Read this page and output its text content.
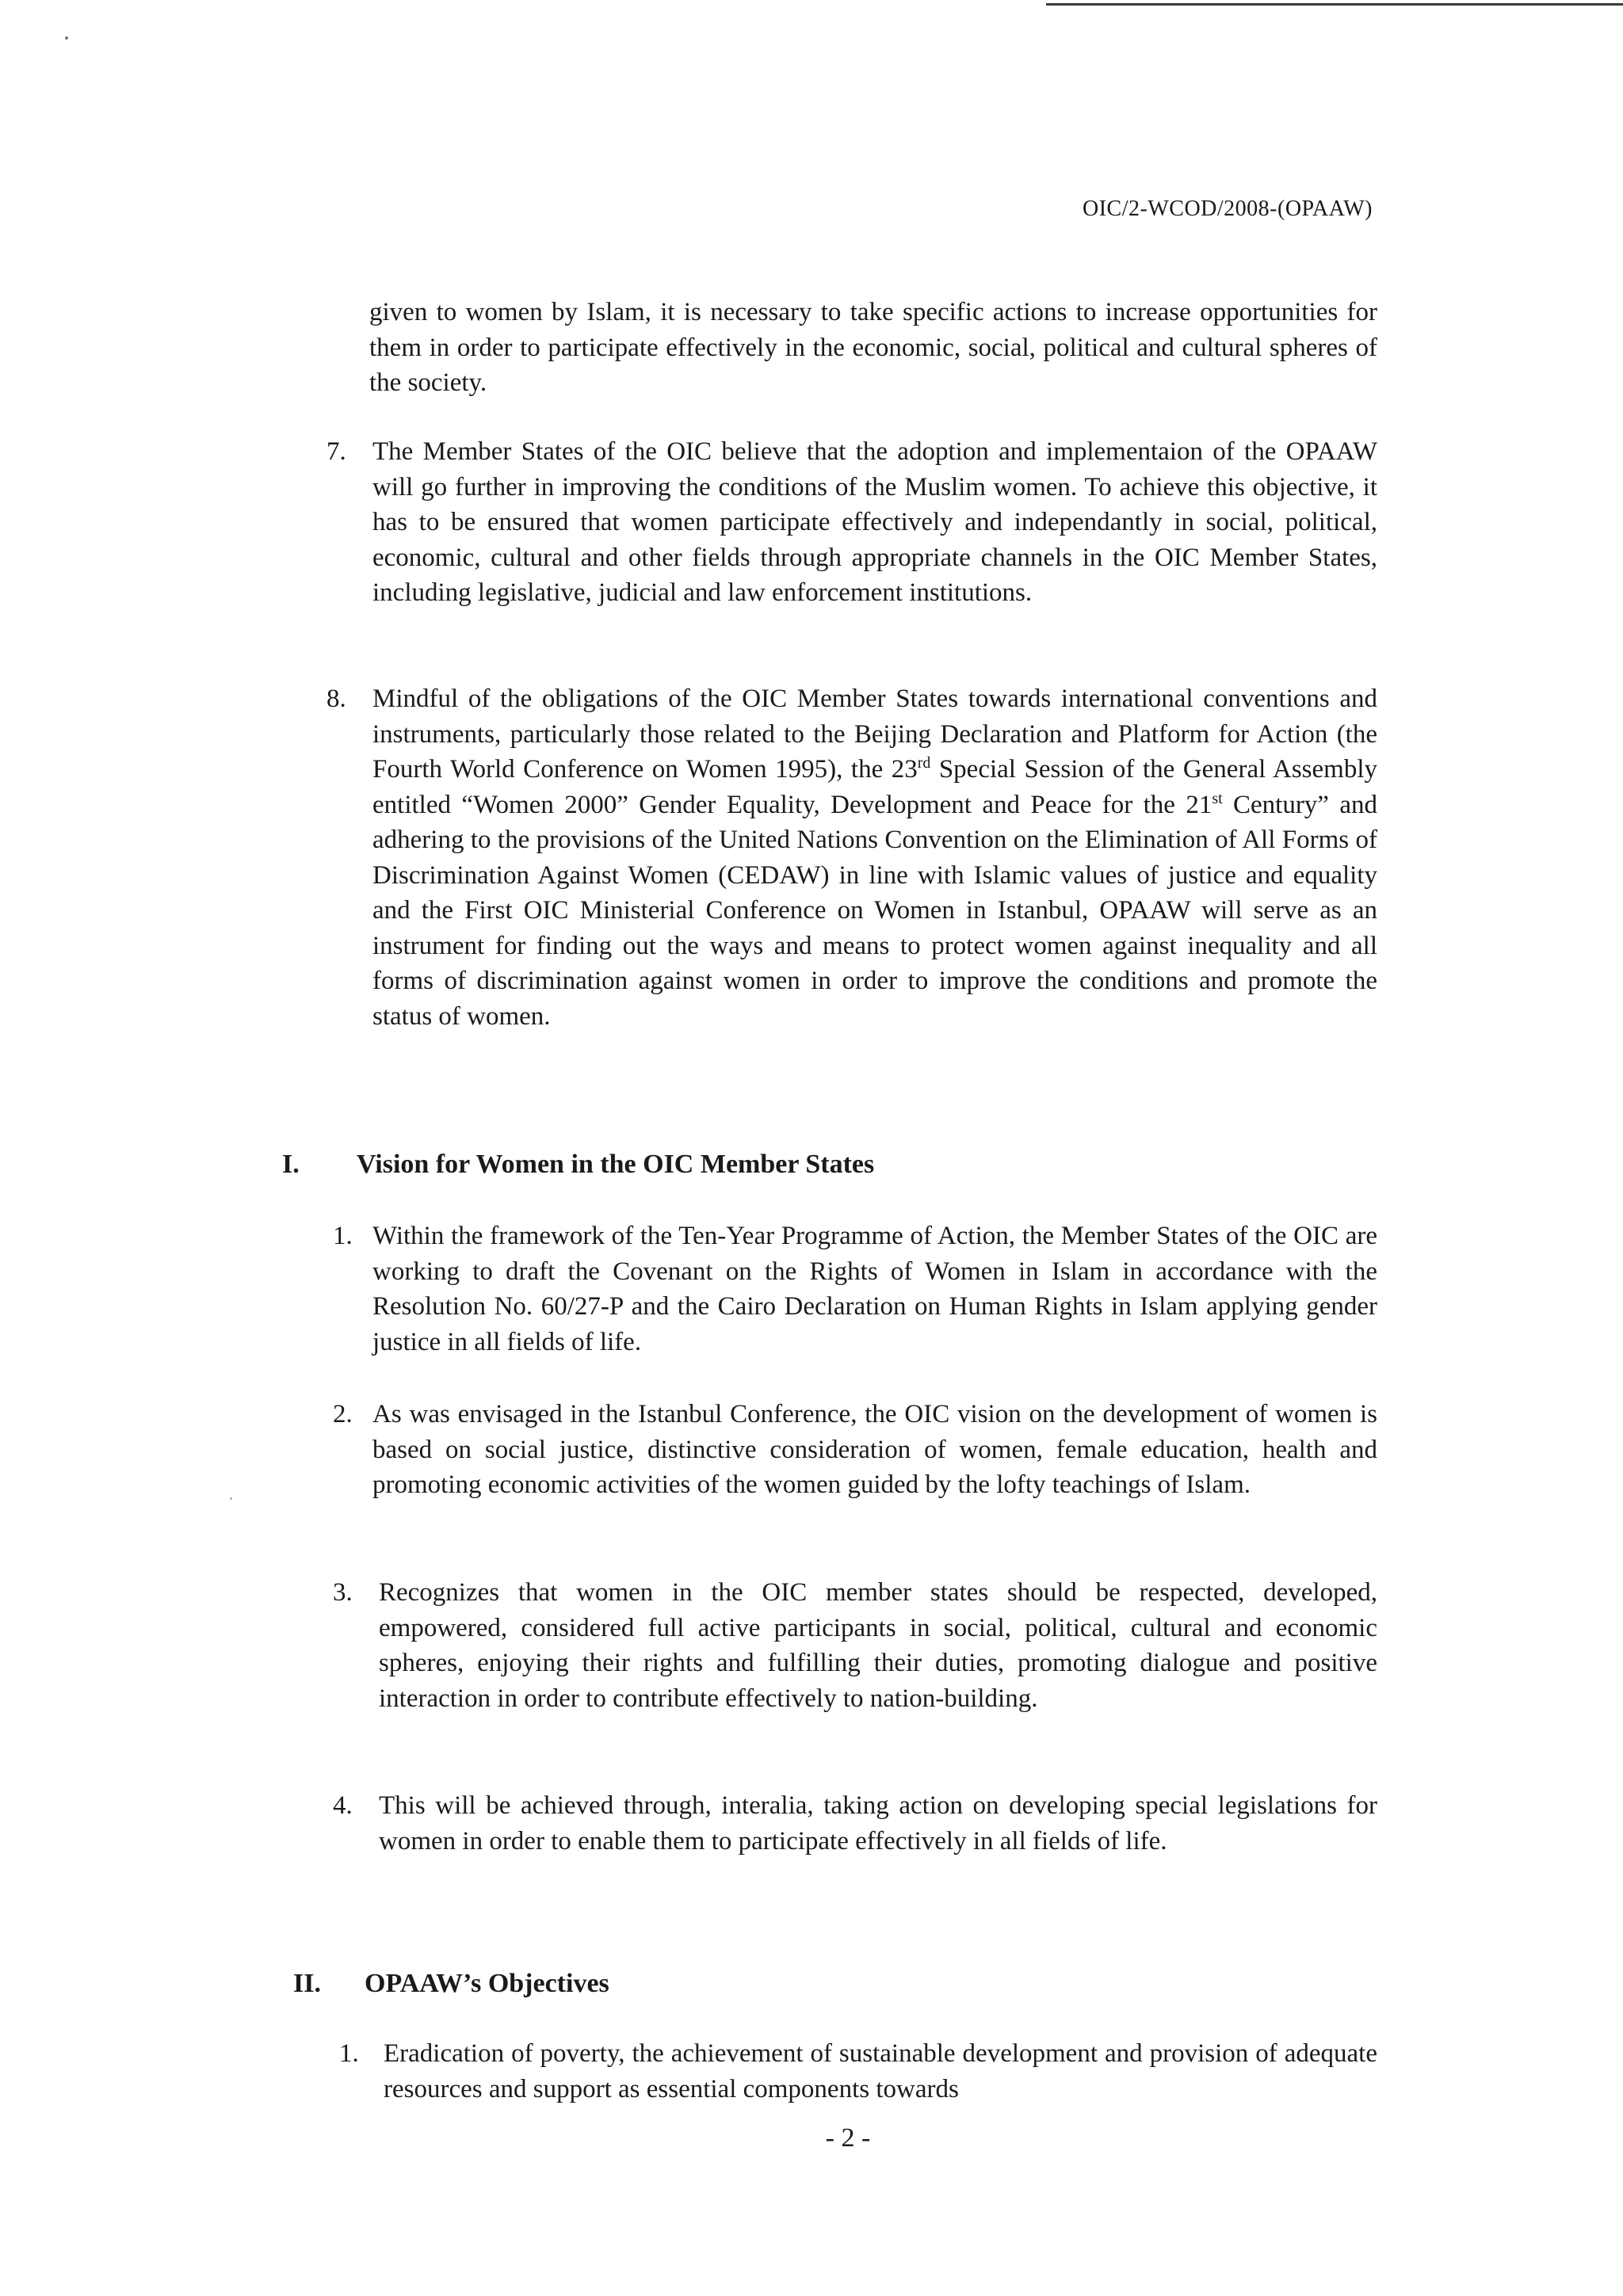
OIC/2-WCOD/2008-(OPAAW)

given to women by Islam, it is necessary to take specific actions to increase opportunities for them in order to participate effectively in the economic, social, political and cultural spheres of the society.

7. The Member States of the OIC believe that the adoption and implementaion of the OPAAW will go further in improving the conditions of the Muslim women. To achieve this objective, it has to be ensured that women participate effectively and independantly in social, political, economic, cultural and other fields through appropriate channels in the OIC Member States, including legislative, judicial and law enforcement institutions.

8. Mindful of the obligations of the OIC Member States towards international conventions and instruments, particularly those related to the Beijing Declaration and Platform for Action (the Fourth World Conference on Women 1995), the 23rd Special Session of the General Assembly entitled “Women 2000” Gender Equality, Development and Peace for the 21st Century” and adhering to the provisions of the United Nations Convention on the Elimination of All Forms of Discrimination Against Women (CEDAW) in line with Islamic values of justice and equality and the First OIC Ministerial Conference on Women in Istanbul, OPAAW will serve as an instrument for finding out the ways and means to protect women against inequality and all forms of discrimination against women in order to improve the conditions and promote the status of women.

I. Vision for Women in the OIC Member States
1. Within the framework of the Ten-Year Programme of Action, the Member States of the OIC are working to draft the Covenant on the Rights of Women in Islam in accordance with the Resolution No. 60/27-P and the Cairo Declaration on Human Rights in Islam applying gender justice in all fields of life.

2. As was envisaged in the Istanbul Conference, the OIC vision on the development of women is based on social justice, distinctive consideration of women, female education, health and promoting economic activities of the women guided by the lofty teachings of Islam.

3. Recognizes that women in the OIC member states should be respected, developed, empowered, considered full active participants in social, political, cultural and economic spheres, enjoying their rights and fulfilling their duties, promoting dialogue and positive interaction in order to contribute effectively to nation-building.

4. This will be achieved through, interalia, taking action on developing special legislations for women in order to enable them to participate effectively in all fields of life.

II. OPAAW’s Objectives
1. Eradication of poverty, the achievement of sustainable development and provision of adequate resources and support as essential components towards

- 2 -
